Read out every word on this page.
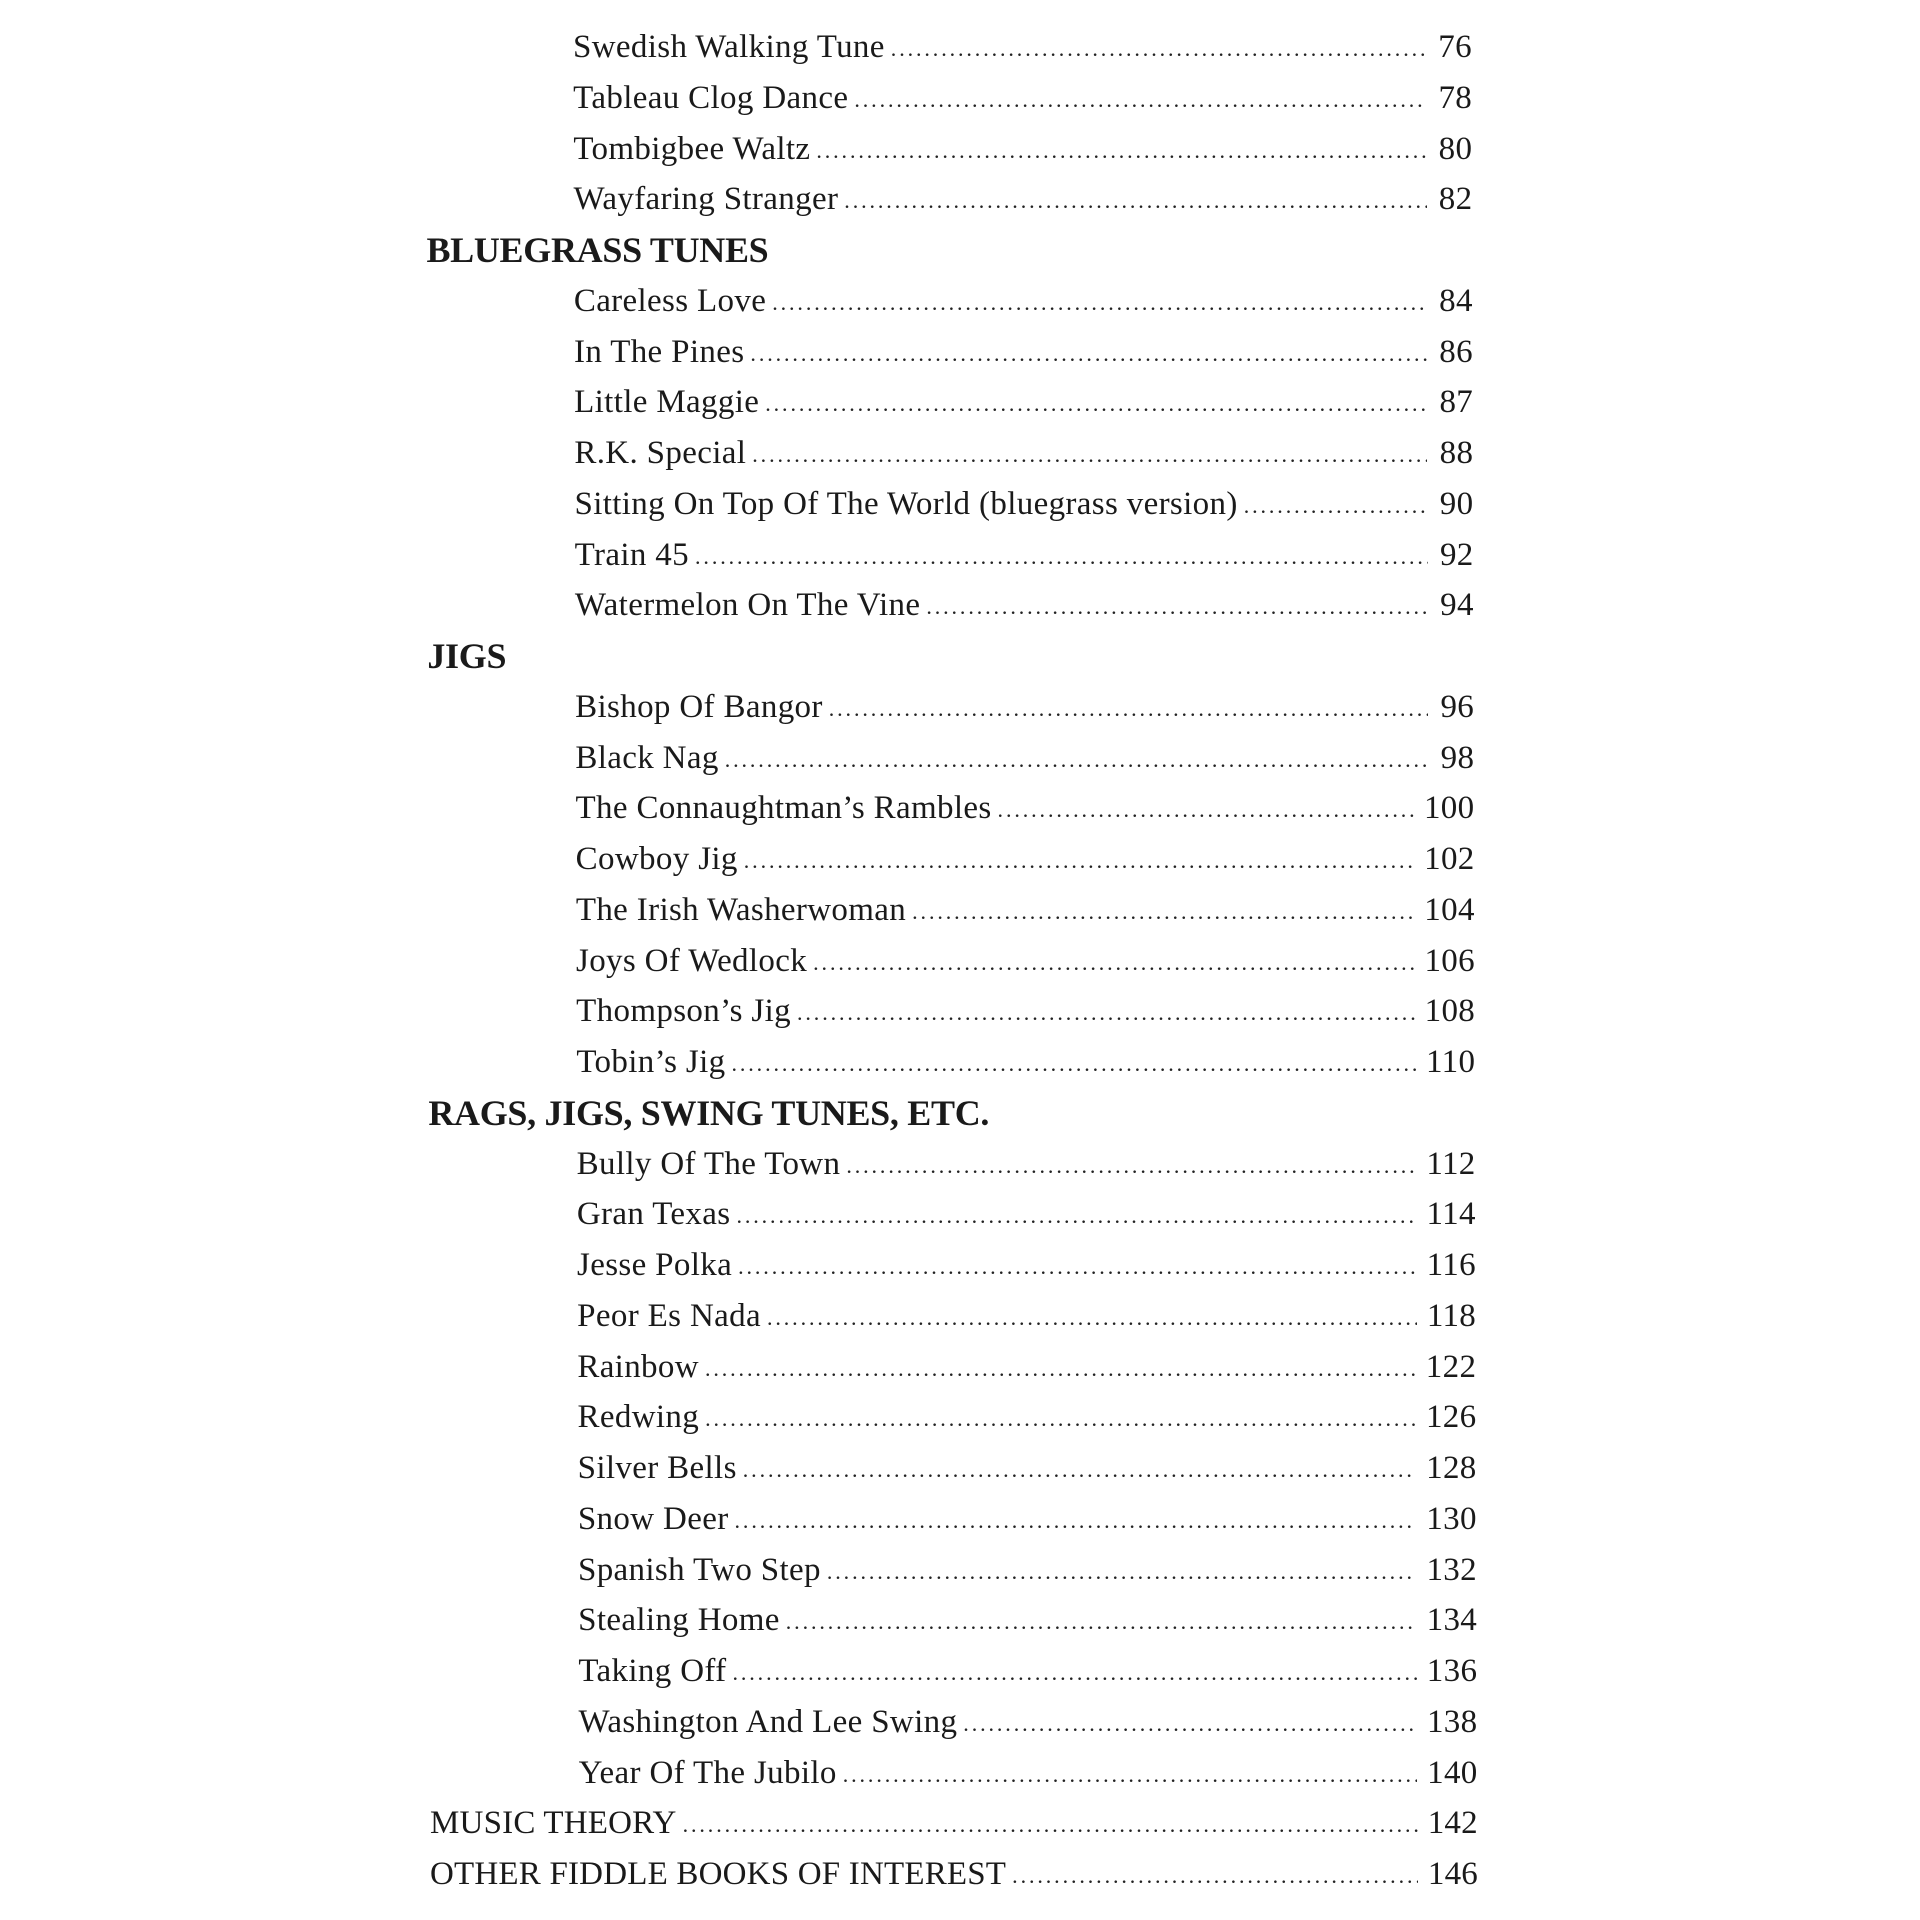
Swedish Walking Tune . . .	76
Tableau Clog Dance . . .	78
Tombigbee Waltz . . .	80
Wayfaring Stranger . . .	82
BLUEGRASS TUNES
Careless Love . . .	84
In The Pines . . .	86
Little Maggie . . .	87
R.K. Special . . .	88
Sitting On Top Of The World (bluegrass version) . . .	90
Train 45 . . .	92
Watermelon On The Vine . . .	94
JIGS
Bishop Of Bangor . . .	96
Black Nag . . .	98
The Connaughtman’s Rambles . . .	100
Cowboy Jig . . .	102
The Irish Washerwoman . . .	104
Joys Of Wedlock . . .	106
Thompson’s Jig . . .	108
Tobin’s Jig . . .	110
RAGS, JIGS, SWING TUNES, ETC.
Bully Of The Town . . .	112
Gran Texas . . .	114
Jesse Polka . . .	116
Peor Es Nada . . .	118
Rainbow . . .	122
Redwing . . .	126
Silver Bells . . .	128
Snow Deer . . .	130
Spanish Two Step . . .	132
Stealing Home . . .	134
Taking Off . . .	136
Washington And Lee Swing . . .	138
Year Of The Jubilo . . .	140
MUSIC THEORY . . .	142
OTHER FIDDLE BOOKS OF INTEREST . . .	146
